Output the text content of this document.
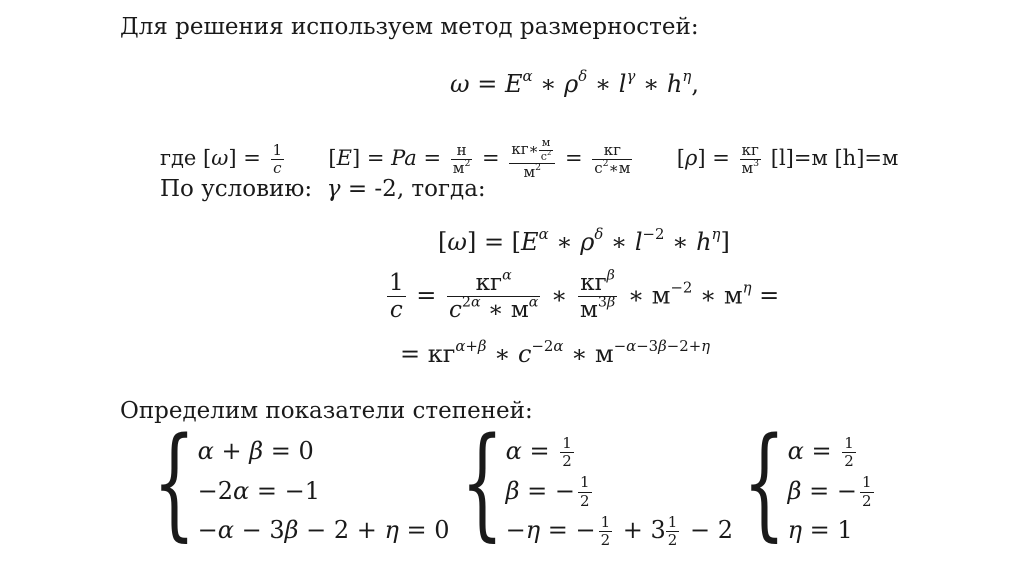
Для решения используем метод размерностей:
$\omega = E^\alpha$ ∗ $\rho^\delta$ ∗ $l^\gamma$ ∗ $h^\eta$,
где $[\omega] = \frac{1}{c} [E] = Pa = \frac{н}{м^2} = \frac{кг∗ \frac{м}{с^2}}{м^2} = \frac{кг}{с^2∗м} [\rho] = \frac{кг}{м^3} [l]=м$ [h]=м
По условию:  γ = -2, тогда:
$[\omega] = [E^\alpha$ ∗ $\rho^\delta$ ∗ $l^{-2}$ ∗ $h^\eta$]
$\frac{1}{c} = \frac{кг^\alpha}{c^{2\alpha} ∗ м^\alpha}$ ∗ $\frac{кг^\beta}{м^{3\beta}}$ ∗ $м^{-2}$ ∗ $м^\eta$ =
= $кг^{\alpha+\beta}$ ∗ $c^{-2\alpha}$ ∗ $м^{-\alpha-3\beta-2+\eta}$
Определим показатели степеней:
{ α + β = 0
−2α = −1
−α − 3β − 2 + η = 0 { $\alpha = \frac{1}{2}$
β = − $\frac{1}{2}$
−η = − $\frac{1}{2} + 3 \frac{1}{2} - 2$ { $\alpha = \frac{1}{2}$
β = − $\frac{1}{2}$
η = 1
